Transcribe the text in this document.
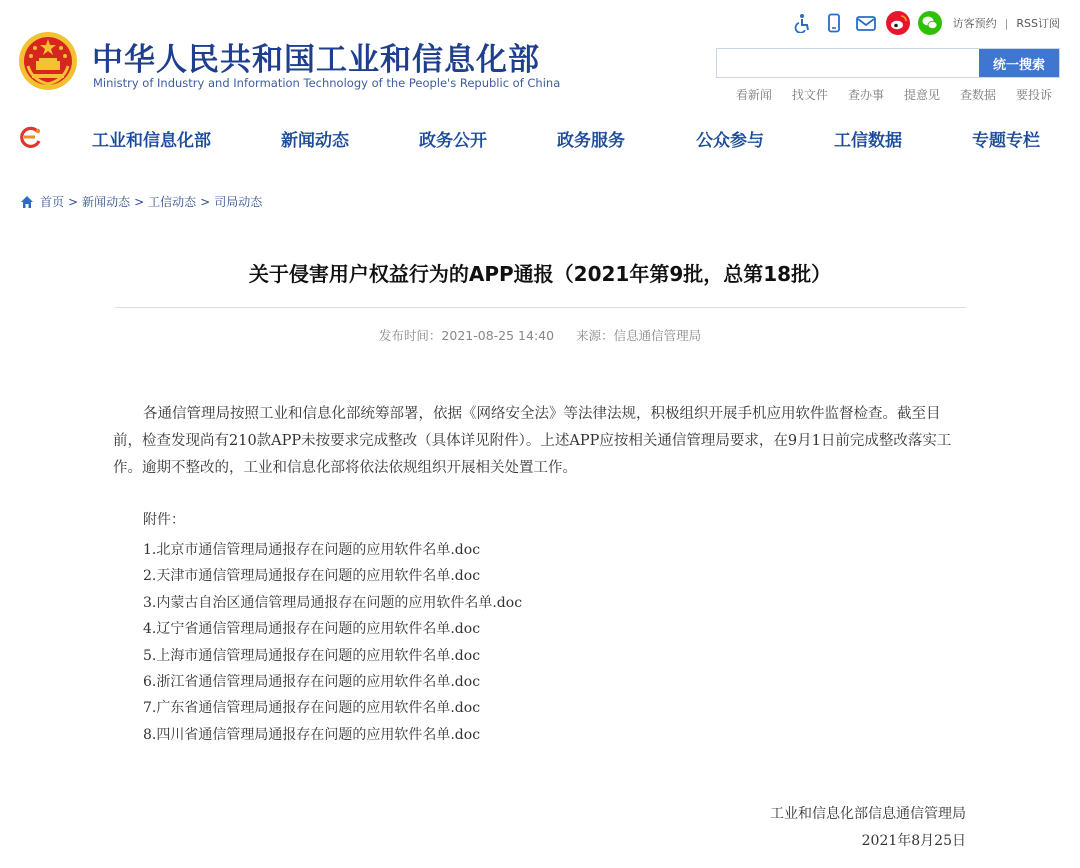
中华人民共和国工业和信息化部
Ministry of Industry and Information Technology of the People's Republic of China
访客预约 | RSS订阅
统一搜索
看新闻 找文件 查办事 提意见 查数据 要投诉
工业和信息化部	新闻动态	政务公开	政务服务	公众参与	工信数据	专题专栏
首页 > 新闻动态 > 工信动态 > 司局动态
关于侵害用户权益行为的APP通报（2021年第9批，总第18批）
发布时间：2021-08-25 14:40 来源：信息通信管理局

各通信管理局按照工业和信息化部统筹部署，依据《网络安全法》等法律法规，积极组织开展手机应用软件监督检查。截至目前，检查发现尚有210款APP未按要求完成整改（具体详见附件）。上述APP应按相关通信管理局要求，在9月1日前完成整改落实工作。逾期不整改的，工业和信息化部将依法依规组织开展相关处置工作。

附件：
1.北京市通信管理局通报存在问题的应用软件名单.doc
2.天津市通信管理局通报存在问题的应用软件名单.doc
3.内蒙古自治区通信管理局通报存在问题的应用软件名单.doc
4.辽宁省通信管理局通报存在问题的应用软件名单.doc
5.上海市通信管理局通报存在问题的应用软件名单.doc
6.浙江省通信管理局通报存在问题的应用软件名单.doc
7.广东省通信管理局通报存在问题的应用软件名单.doc
8.四川省通信管理局通报存在问题的应用软件名单.doc
工业和信息化部信息通信管理局
2021年8月25日
